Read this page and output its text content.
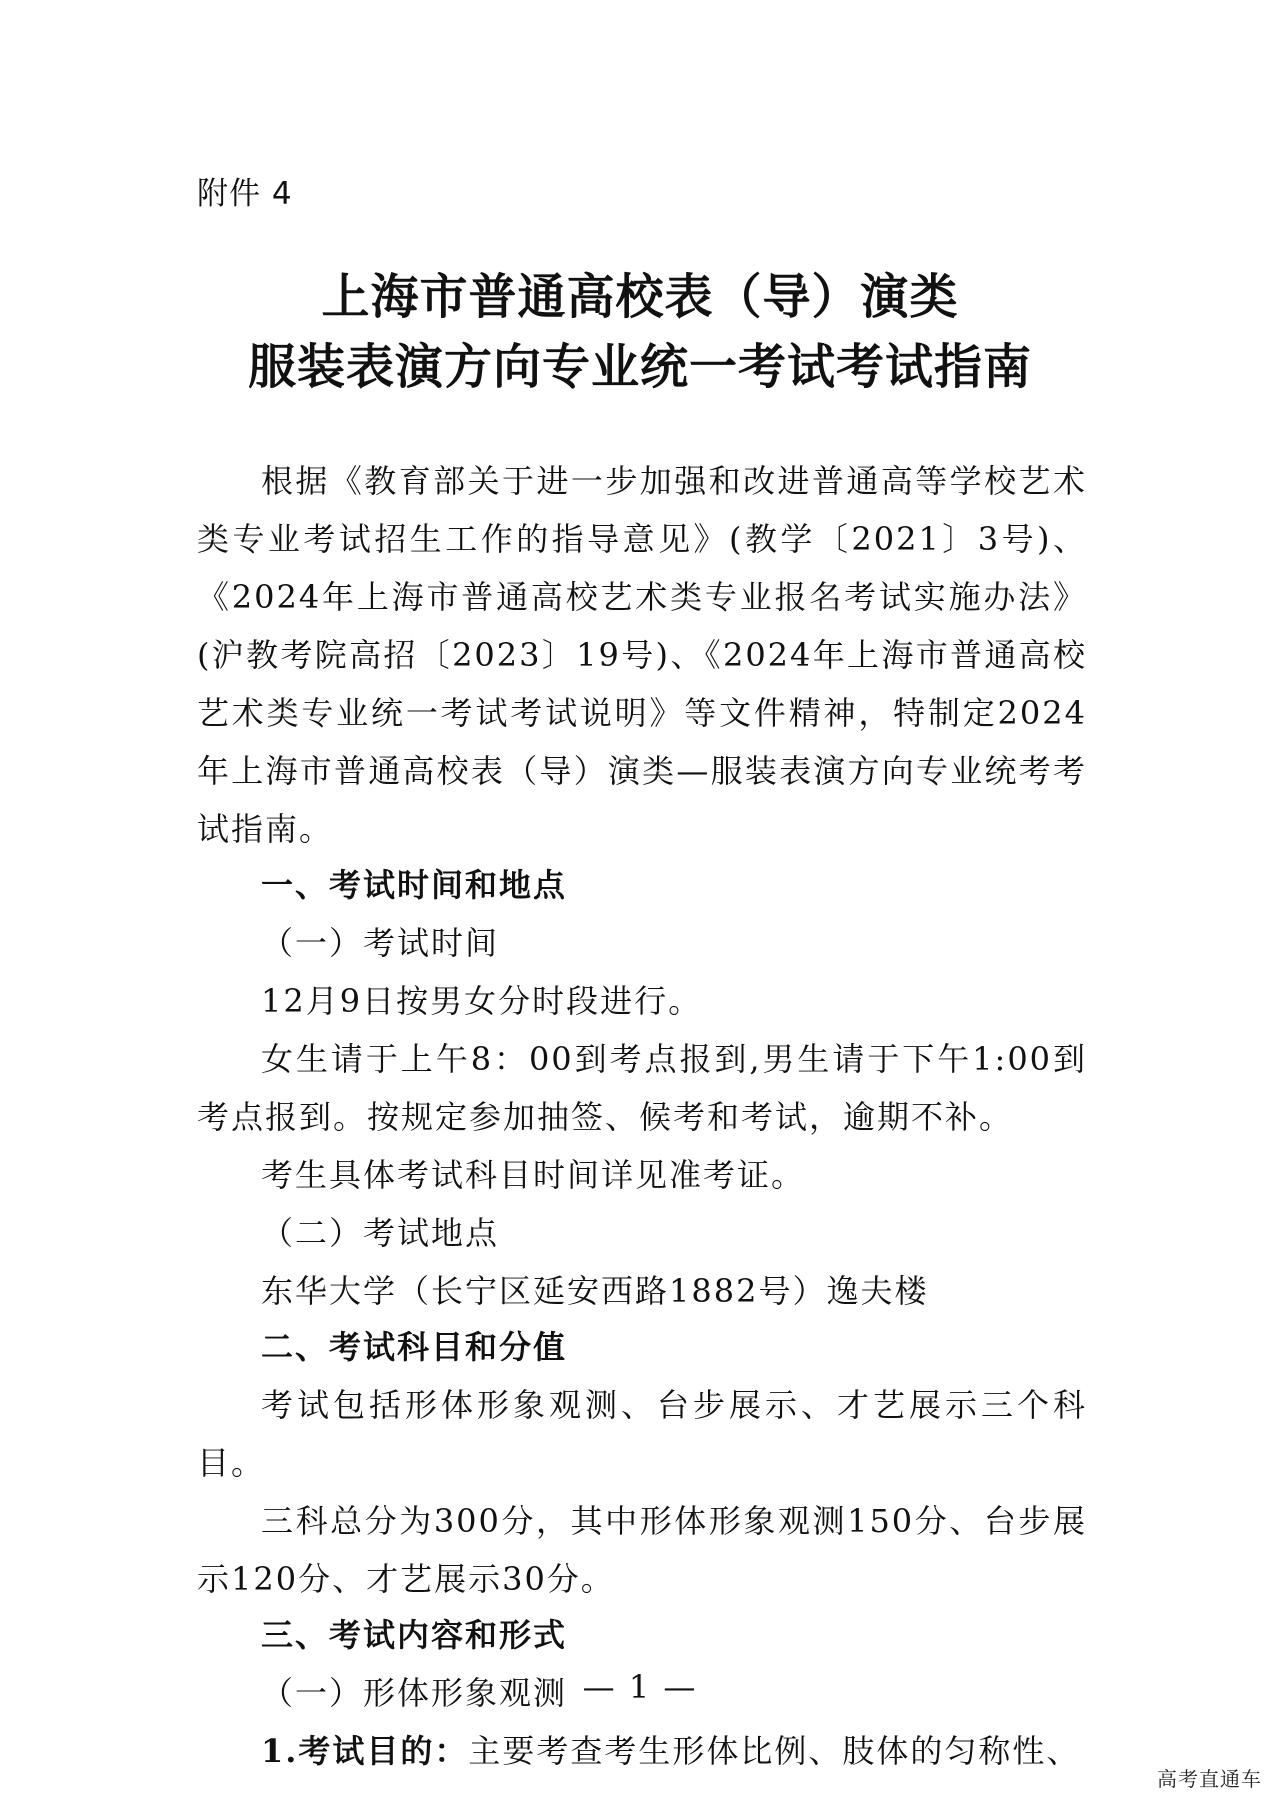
附件 4
上海市普通高校表（导）演类
服装表演方向专业统一考试考试指南

根据《教育部关于进一步加强和改进普通高等学校艺术类专业考试招生工作的指导意见》(教学〔2021〕3号)、《2024年上海市普通高校艺术类专业报名考试实施办法》(沪教考院高招〔2023〕19号)、《2024年上海市普通高校艺术类专业统一考试考试说明》等文件精神，特制定2024年上海市普通高校表（导）演类—服装表演方向专业统考考试指南。

一、考试时间和地点

（一）考试时间

12月9日按男女分时段进行。

女生请于上午8：00到考点报到,男生请于下午1:00到考点报到。按规定参加抽签、候考和考试，逾期不补。

考生具体考试科目时间详见准考证。

（二）考试地点

东华大学（长宁区延安西路1882号）逸夫楼

二、考试科目和分值

考试包括形体形象观测、台步展示、才艺展示三个科目。

三科总分为300分，其中形体形象观测150分、台步展示120分、才艺展示30分。

三、考试内容和形式

（一）形体形象观测

1.考试目的：主要考查考生形体比例、肢体的匀称性、

— 1 —
高考直通车
